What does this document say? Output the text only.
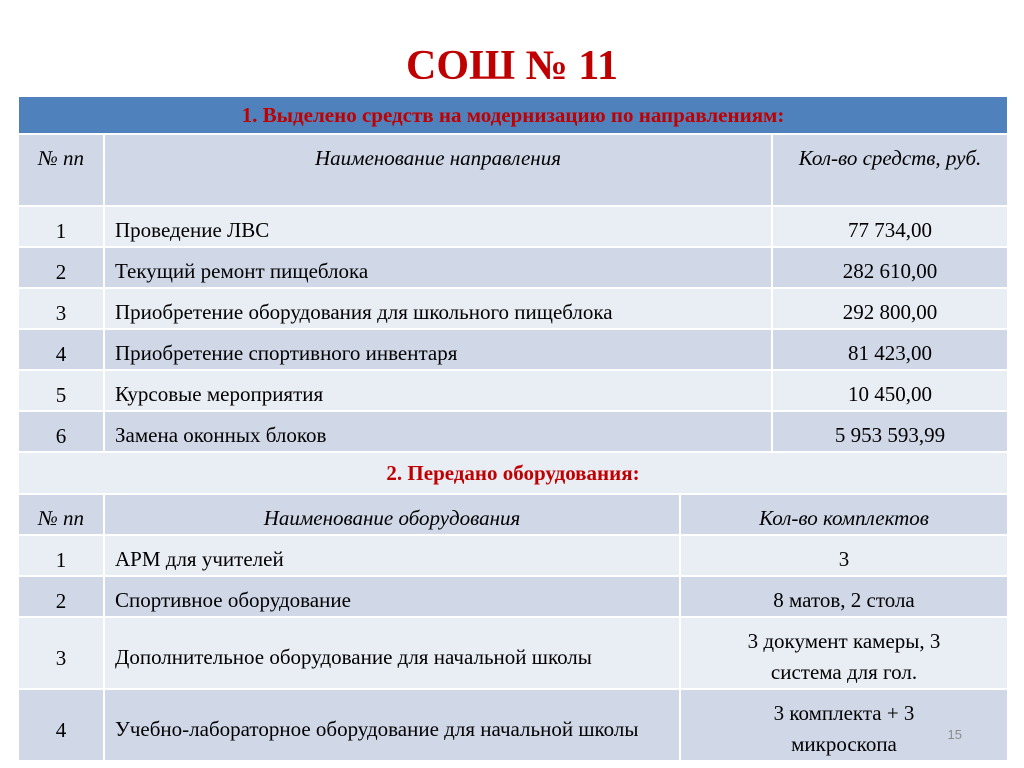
СОШ № 11
1. Выделено средств на модернизацию по направлениям:			
№ пп	Наименование направления		Кол-во средств, руб.
1	Проведение ЛВС		77 734,00
2	Текущий ремонт пищеблока		282 610,00
3	Приобретение оборудования для школьного пищеблока		292 800,00
4	Приобретение спортивного инвентаря		81 423,00
5	Курсовые мероприятия		10 450,00
6	Замена оконных блоков		5 953 593,99
2. Передано оборудования:			
№ пп	Наименование оборудования	Кол-во комплектов	
1	АРМ для учителей	3	
2	Спортивное оборудование	8 матов, 2 стола	
3	Дополнительное оборудование для начальной школы	3 документ камеры, 3 система для гол.	
4	Учебно-лабораторное оборудование для начальной школы	3 комплекта + 3 микроскопа		15
